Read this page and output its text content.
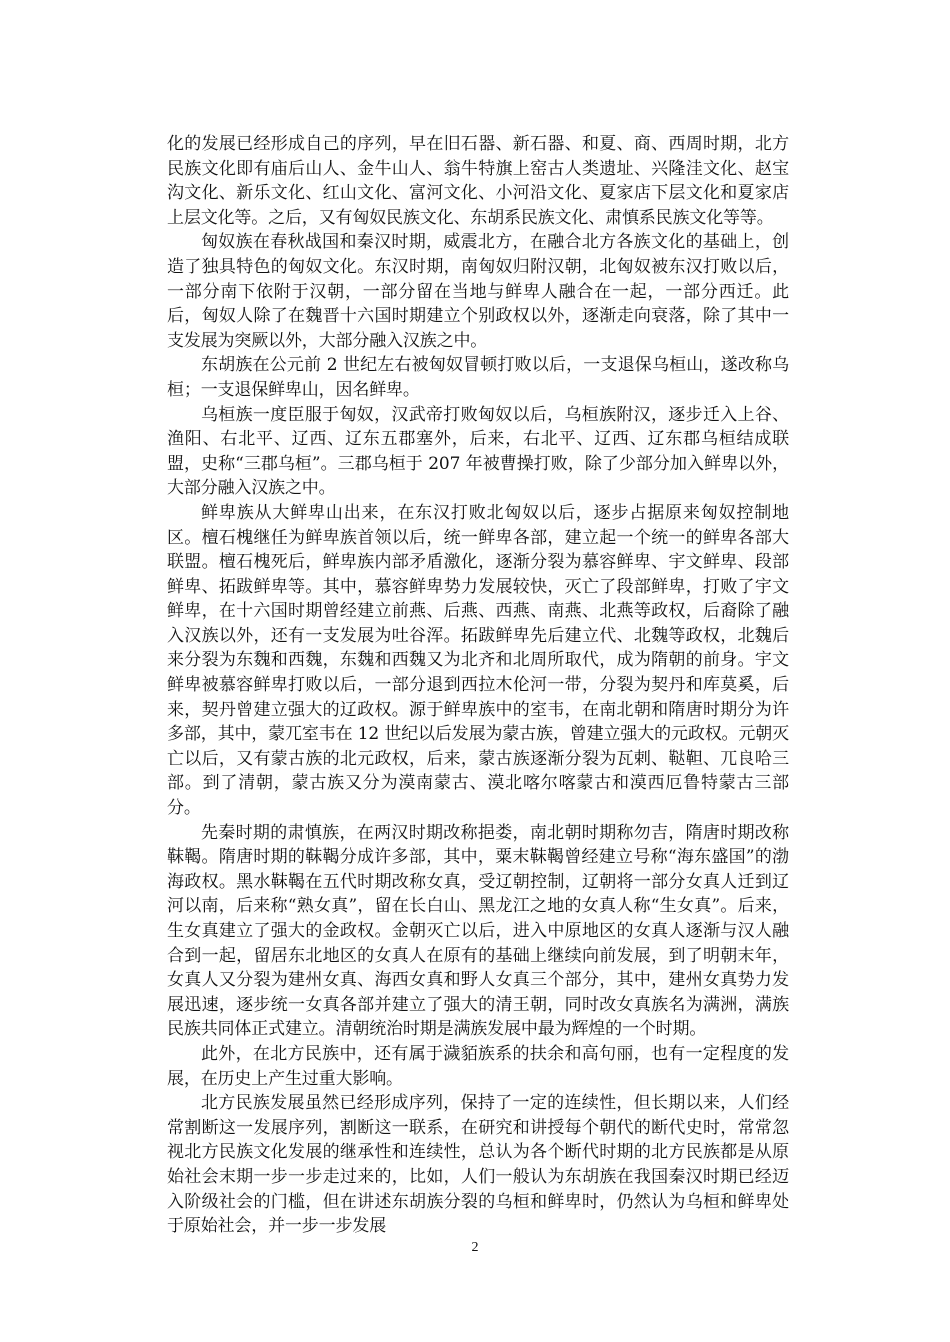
化的发展已经形成自己的序列，早在旧石器、新石器、和夏、商、西周时期，北方民族文化即有庙后山人、金牛山人、翁牛特旗上窑古人类遗址、兴隆洼文化、赵宝沟文化、新乐文化、红山文化、富河文化、小河沿文化、夏家店下层文化和夏家店上层文化等。之后，又有匈奴民族文化、东胡系民族文化、肃慎系民族文化等等。

匈奴族在春秋战国和秦汉时期，威震北方，在融合北方各族文化的基础上，创造了独具特色的匈奴文化。东汉时期，南匈奴归附汉朝，北匈奴被东汉打败以后，一部分南下依附于汉朝，一部分留在当地与鲜卑人融合在一起，一部分西迁。此后，匈奴人除了在魏晋十六国时期建立个别政权以外，逐渐走向衰落，除了其中一支发展为突厥以外，大部分融入汉族之中。

东胡族在公元前 2 世纪左右被匈奴冒顿打败以后，一支退保乌桓山，遂改称乌桓；一支退保鲜卑山，因名鲜卑。

乌桓族一度臣服于匈奴，汉武帝打败匈奴以后，乌桓族附汉，逐步迁入上谷、渔阳、右北平、辽西、辽东五郡塞外，后来，右北平、辽西、辽东郡乌桓结成联盟，史称“三郡乌桓”。三郡乌桓于 207 年被曹操打败，除了少部分加入鲜卑以外，大部分融入汉族之中。

鲜卑族从大鲜卑山出来，在东汉打败北匈奴以后，逐步占据原来匈奴控制地区。檀石槐继任为鲜卑族首领以后，统一鲜卑各部，建立起一个统一的鲜卑各部大联盟。檀石槐死后，鲜卑族内部矛盾激化，逐渐分裂为慕容鲜卑、宇文鲜卑、段部鲜卑、拓跋鲜卑等。其中，慕容鲜卑势力发展较快，灭亡了段部鲜卑，打败了宇文鲜卑，在十六国时期曾经建立前燕、后燕、西燕、南燕、北燕等政权，后裔除了融入汉族以外，还有一支发展为吐谷浑。拓跋鲜卑先后建立代、北魏等政权，北魏后来分裂为东魏和西魏，东魏和西魏又为北齐和北周所取代，成为隋朝的前身。宇文鲜卑被慕容鲜卑打败以后，一部分退到西拉木伦河一带，分裂为契丹和库莫奚，后来，契丹曾建立强大的辽政权。源于鲜卑族中的室韦，在南北朝和隋唐时期分为许多部，其中，蒙兀室韦在 12 世纪以后发展为蒙古族，曾建立强大的元政权。元朝灭亡以后，又有蒙古族的北元政权，后来，蒙古族逐渐分裂为瓦剌、鞑靼、兀良哈三部。到了清朝，蒙古族又分为漠南蒙古、漠北喀尔喀蒙古和漠西厄鲁特蒙古三部分。

先秦时期的肃慎族，在两汉时期改称挹娄，南北朝时期称勿吉，隋唐时期改称靺鞨。隋唐时期的靺鞨分成许多部，其中，粟末靺鞨曾经建立号称“海东盛国”的渤海政权。黑水靺鞨在五代时期改称女真，受辽朝控制，辽朝将一部分女真人迁到辽河以南，后来称“熟女真”，留在长白山、黑龙江之地的女真人称“生女真”。后来，生女真建立了强大的金政权。金朝灭亡以后，进入中原地区的女真人逐渐与汉人融合到一起，留居东北地区的女真人在原有的基础上继续向前发展，到了明朝末年，女真人又分裂为建州女真、海西女真和野人女真三个部分，其中，建州女真势力发展迅速，逐步统一女真各部并建立了强大的清王朝，同时改女真族名为满洲，满族民族共同体正式建立。清朝统治时期是满族发展中最为辉煌的一个时期。

此外，在北方民族中，还有属于濊貊族系的扶余和高句丽，也有一定程度的发展，在历史上产生过重大影响。

北方民族发展虽然已经形成序列，保持了一定的连续性，但长期以来，人们经常割断这一发展序列，割断这一联系，在研究和讲授每个朝代的断代史时，常常忽视北方民族文化发展的继承性和连续性，总认为各个断代时期的北方民族都是从原始社会末期一步一步走过来的，比如，人们一般认为东胡族在我国秦汉时期已经迈入阶级社会的门槛，但在讲述东胡族分裂的乌桓和鲜卑时，仍然认为乌桓和鲜卑处于原始社会，并一步一步发展

2
